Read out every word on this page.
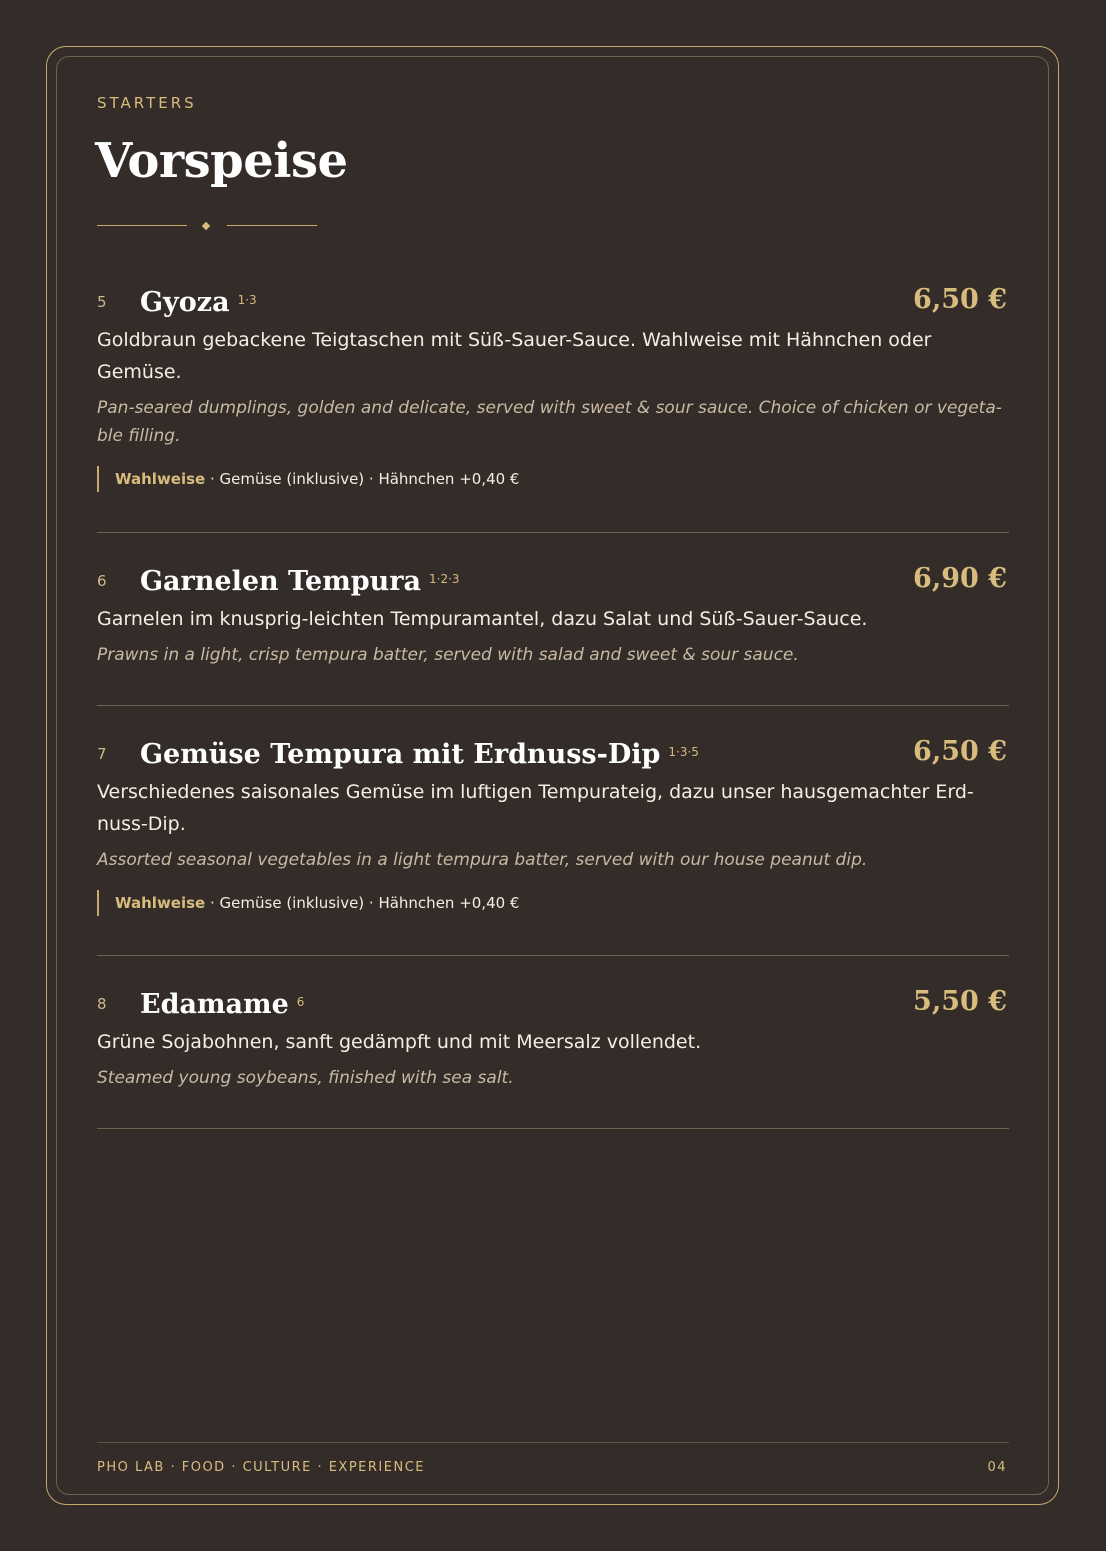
STARTERS
Vorspeise
5 Gyoza $^{1\cdot 3}$	6,50 €

Goldbraun gebackene Teigtaschen mit Süß-Sauer-Sauce. Wahlweise mit Hähnchen oder Gemüse.

Pan-seared dumplings, golden and delicate, served with sweet & sour sauce. Choice of chicken or vegeta-ble filling.

Wahlweise · Gemüse (inklusive) · Hähnchen +0,40 €
6 Garnelen Tempura $^{1\cdot 2\cdot 3}$	6,90 €

Garnelen im knusprig-leichten Tempuramantel, dazu Salat und Süß-Sauer-Sauce.

Prawns in a light, crisp tempura batter, served with salad and sweet & sour sauce.

7 Gemüse Tempura mit Erdnuss-Dip $^{1\cdot 3\cdot 5}$	6,50 €

Verschiedenes saisonales Gemüse im luftigen Tempurateig, dazu unser hausgemachter Erd-nuss-Dip.

Assorted seasonal vegetables in a light tempura batter, served with our house peanut dip.

Wahlweise · Gemüse (inklusive) · Hähnchen +0,40 €
8 Edamame $^6$	5,50 €

Grüne Sojabohnen, sanft gedämpft und mit Meersalz vollendet.

Steamed young soybeans, finished with sea salt.

PHO LAB · FOOD · CULTURE · EXPERIENCE	04
